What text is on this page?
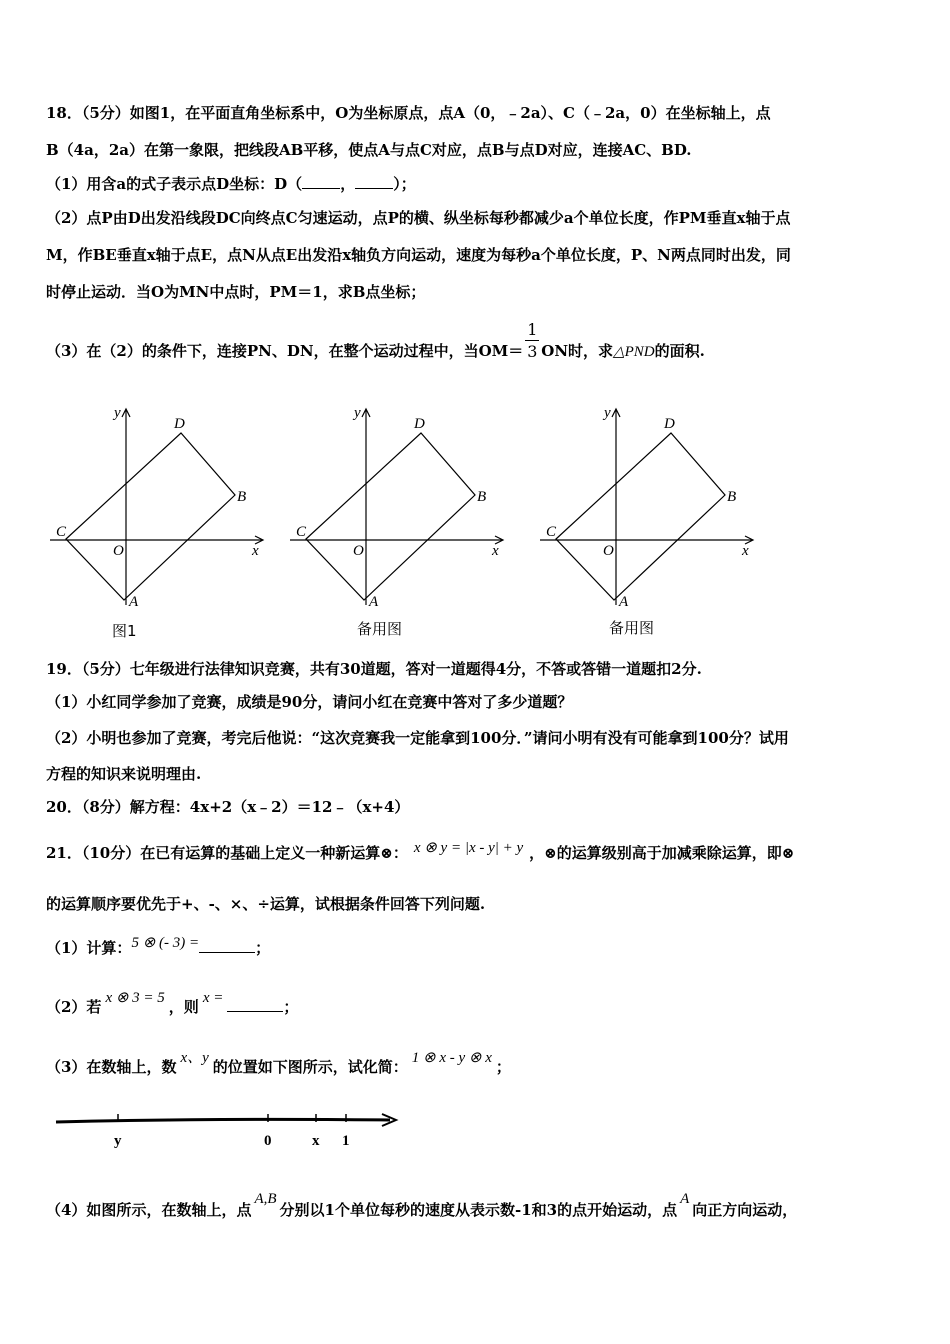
18．（5分）如图1，在平面直角坐标系中，O为坐标原点，点A（0，﹣2a）、C（﹣2a，0）在坐标轴上，点
B（4a，2a）在第一象限，把线段AB平移，使点A与点C对应，点B与点D对应，连接AC、BD.
（1）用含a的式子表示点D坐标：D（	，	）；
（2）点P由D出发沿线段DC向终点C匀速运动，点P的横、纵坐标每秒都减少a个单位长度，作PM垂直x轴于点
M，作BE垂直x轴于点E，点N从点E出发沿x轴负方向运动，速度为每秒a个单位长度，P、N两点同时出发，同
时停止运动．当O为MN中点时，PM＝1，求B点坐标；
（3）在（2）的条件下，连接PN、DN，在整个运动过程中，当$OM= \frac{1}{3}$ ON时，求△PND的面积.
y
x
O
A
B
C
D
y
x
O
A
B
C
D
y
x
O
A
B
C
D
图1	备用图	备用图
19．（5分）七年级进行法律知识竞赛，共有30道题，答对一道题得4分，不答或答错一道题扣2分.
（1）小红同学参加了竞赛，成绩是90分，请问小红在竞赛中答对了多少道题？
（2）小明也参加了竞赛，考完后他说：“这次竞赛我一定能拿到100分．”请问小明有没有可能拿到100分？试用
方程的知识来说明理由.
20．（8分）解方程：4x+2（x﹣2）＝12﹣（x+4）
21．（10分）在已有运算的基础上定义一种新运算⊗： x ⊗ y = |x - y| + y ，⊗的运算级别高于加减乘除运算，即⊗
的运算顺序要优先于+、-、×、÷运算，试根据条件回答下列问题.
（1）计算：5 ⊗ (- 3) =	；
（2）若 x ⊗ 3 = 5 ，则 x =	；
（3）在数轴上，数 x、y 的位置如下图所示，试化简： 1 ⊗ x - y ⊗ x ；
y	0	x 1
（4）如图所示，在数轴上，点A,B分别以1个单位每秒的速度从表示数-1和3的点开始运动，点A向正方向运动，
